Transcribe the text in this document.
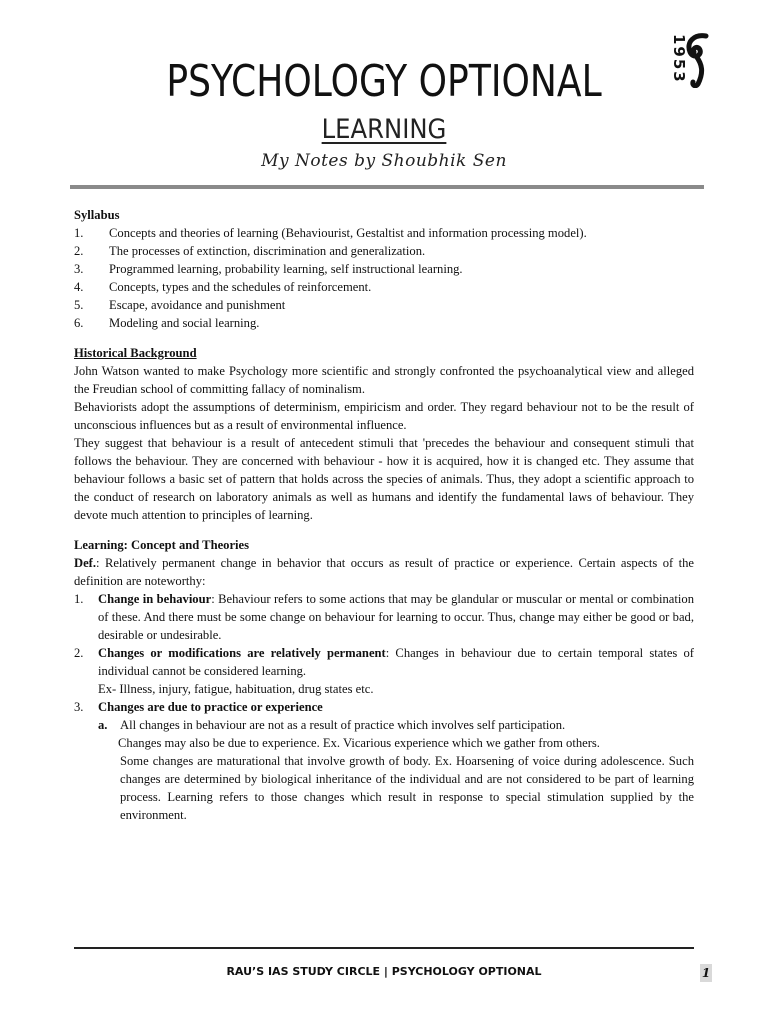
1953
PSYCHOLOGY OPTIONAL
LEARNING
My Notes by Shoubhik Sen

Syllabus

1. Concepts and theories of learning (Behaviourist, Gestaltist and information processing model).
2. The processes of extinction, discrimination and generalization.
3. Programmed learning, probability learning, self instructional learning.
4. Concepts, types and the schedules of reinforcement.
5. Escape, avoidance and punishment
6. Modeling and social learning.

Historical Background

John Watson wanted to make Psychology more scientific and strongly confronted the psychoanalytical view and alleged the Freudian school of committing fallacy of nominalism.

Behaviorists adopt the assumptions of determinism, empiricism and order. They regard behaviour not to be the result of unconscious influences but as a result of environmental influence.

They suggest that behaviour is a result of antecedent stimuli that 'precedes the behaviour and consequent stimuli that follows the behaviour. They are concerned with behaviour - how it is acquired, how it is changed etc. They assume that behaviour follows a basic set of pattern that holds across the species of animals. Thus, they adopt a scientific approach to the conduct of research on laboratory animals as well as humans and identify the fundamental laws of behaviour. They devote much attention to principles of learning.

Learning: Concept and Theories

Def.: Relatively permanent change in behavior that occurs as result of practice or experience. Certain aspects of the definition are noteworthy:

1. Change in behaviour: Behaviour refers to some actions that may be glandular or muscular or mental or combination of these. And there must be some change on behaviour for learning to occur. Thus, change may either be good or bad, desirable or undesirable.
2. Changes or modifications are relatively permanent: Changes in behaviour due to certain temporal states of individual cannot be considered learning.

Ex- Illness, injury, fatigue, habituation, drug states etc.

3. Changes are due to practice or experience
a. All changes in behaviour are not as a result of practice which involves self participation.

Changes may also be due to experience. Ex. Vicarious experience which we gather from others.

Some changes are maturational that involve growth of body. Ex. Hoarsening of voice during adolescence. Such changes are determined by biological inheritance of the individual and are not considered to be part of learning process. Learning refers to those changes which result in response to special stimulation supplied by the environment.

RAU’S IAS STUDY CIRCLE | PSYCHOLOGY OPTIONAL	1
